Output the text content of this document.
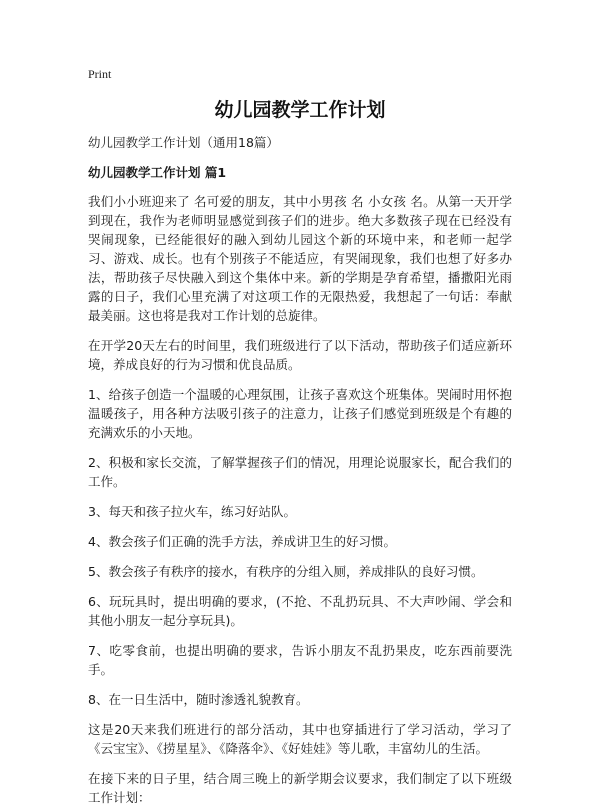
Print
幼儿园教学工作计划

幼儿园教学工作计划（通用18篇）

幼儿园教学工作计划 篇1

我们小小班迎来了 名可爱的朋友，其中小男孩 名 小女孩 名。从第一天开学到现在，我作为老师明显感觉到孩子们的进步。绝大多数孩子现在已经没有哭闹现象，已经能很好的融入到幼儿园这个新的环境中来，和老师一起学习、游戏、成长。也有个别孩子不能适应，有哭闹现象，我们也想了好多办法，帮助孩子尽快融入到这个集体中来。新的学期是孕育希望，播撒阳光雨露的日子，我们心里充满了对这项工作的无限热爱，我想起了一句话：奉献最美丽。这也将是我对工作计划的总旋律。

在开学20天左右的时间里，我们班级进行了以下活动，帮助孩子们适应新环境，养成良好的行为习惯和优良品质。

1、给孩子创造一个温暖的心理氛围，让孩子喜欢这个班集体。哭闹时用怀抱温暖孩子，用各种方法吸引孩子的注意力，让孩子们感觉到班级是个有趣的充满欢乐的小天地。

2、积极和家长交流，了解掌握孩子们的情况，用理论说服家长，配合我们的工作。

3、每天和孩子拉火车，练习好站队。

4、教会孩子们正确的洗手方法，养成讲卫生的好习惯。

5、教会孩子有秩序的接水，有秩序的分组入厕，养成排队的良好习惯。

6、玩玩具时，提出明确的要求，(不抢、不乱扔玩具、不大声吵闹、学会和其他小朋友一起分享玩具)。

7、吃零食前，也提出明确的要求，告诉小朋友不乱扔果皮，吃东西前要洗手。

8、在一日生活中，随时渗透礼貌教育。

这是20天来我们班进行的部分活动，其中也穿插进行了学习活动，学习了《云宝宝》、《捞星星》、《降落伞》、《好娃娃》等儿歌，丰富幼儿的生活。

在接下来的日子里，结合周三晚上的新学期会议要求，我们制定了以下班级工作计划：
